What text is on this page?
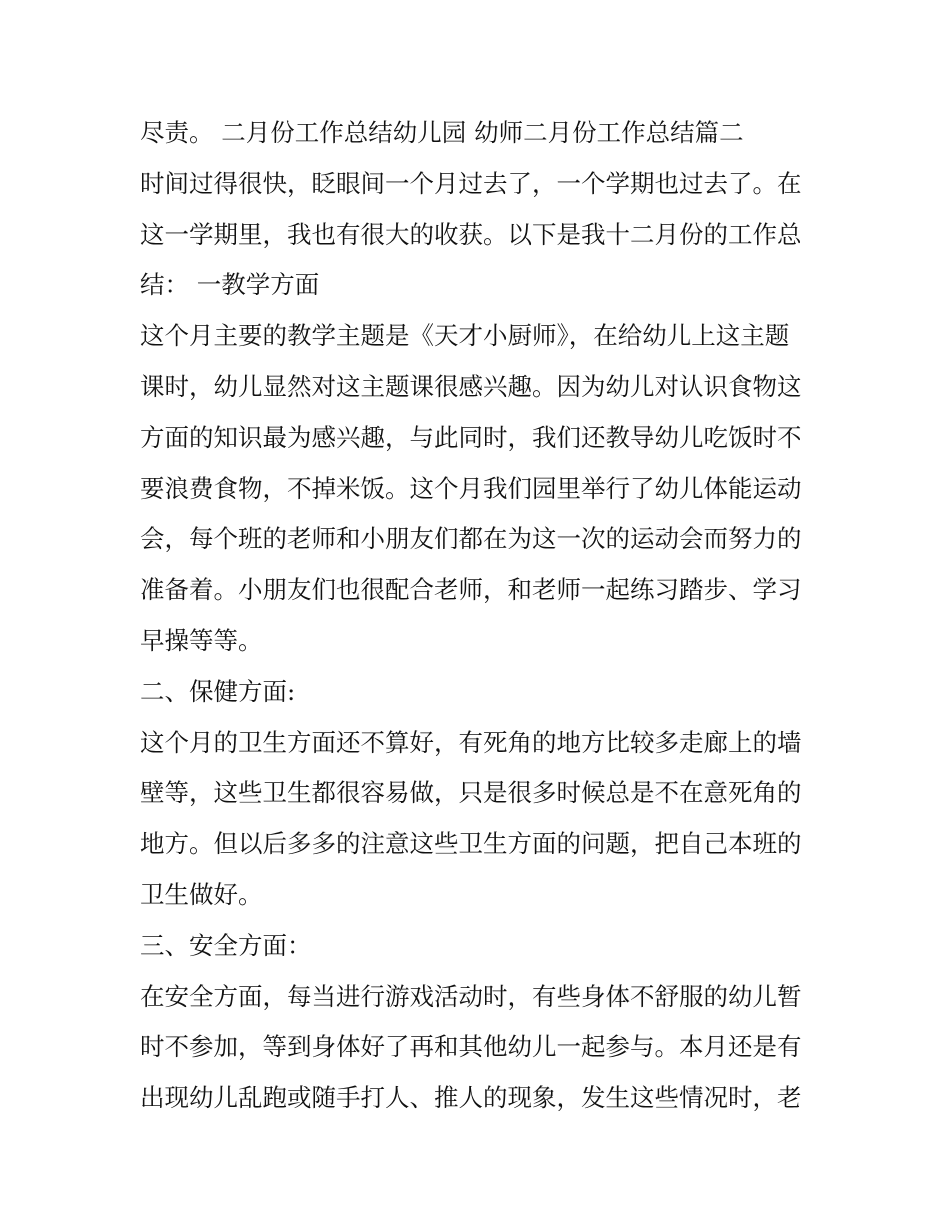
尽责。 二月份工作总结幼儿园 幼师二月份工作总结篇二
时间过得很快，眨眼间一个月过去了，一个学期也过去了。在
这一学期里，我也有很大的收获。以下是我十二月份的工作总
结： 一教学方面
这个月主要的教学主题是《天才小厨师》，在给幼儿上这主题
课时，幼儿显然对这主题课很感兴趣。因为幼儿对认识食物这
方面的知识最为感兴趣，与此同时，我们还教导幼儿吃饭时不
要浪费食物，不掉米饭。这个月我们园里举行了幼儿体能运动
会，每个班的老师和小朋友们都在为这一次的运动会而努力的
准备着。小朋友们也很配合老师，和老师一起练习踏步、学习
早操等等。
二、保健方面:
这个月的卫生方面还不算好，有死角的地方比较多走廊上的墙
壁等，这些卫生都很容易做，只是很多时候总是不在意死角的
地方。但以后多多的注意这些卫生方面的问题，把自己本班的
卫生做好。
三、安全方面：
在安全方面，每当进行游戏活动时，有些身体不舒服的幼儿暂
时不参加，等到身体好了再和其他幼儿一起参与。本月还是有
出现幼儿乱跑或随手打人、推人的现象，发生这些情况时，老
